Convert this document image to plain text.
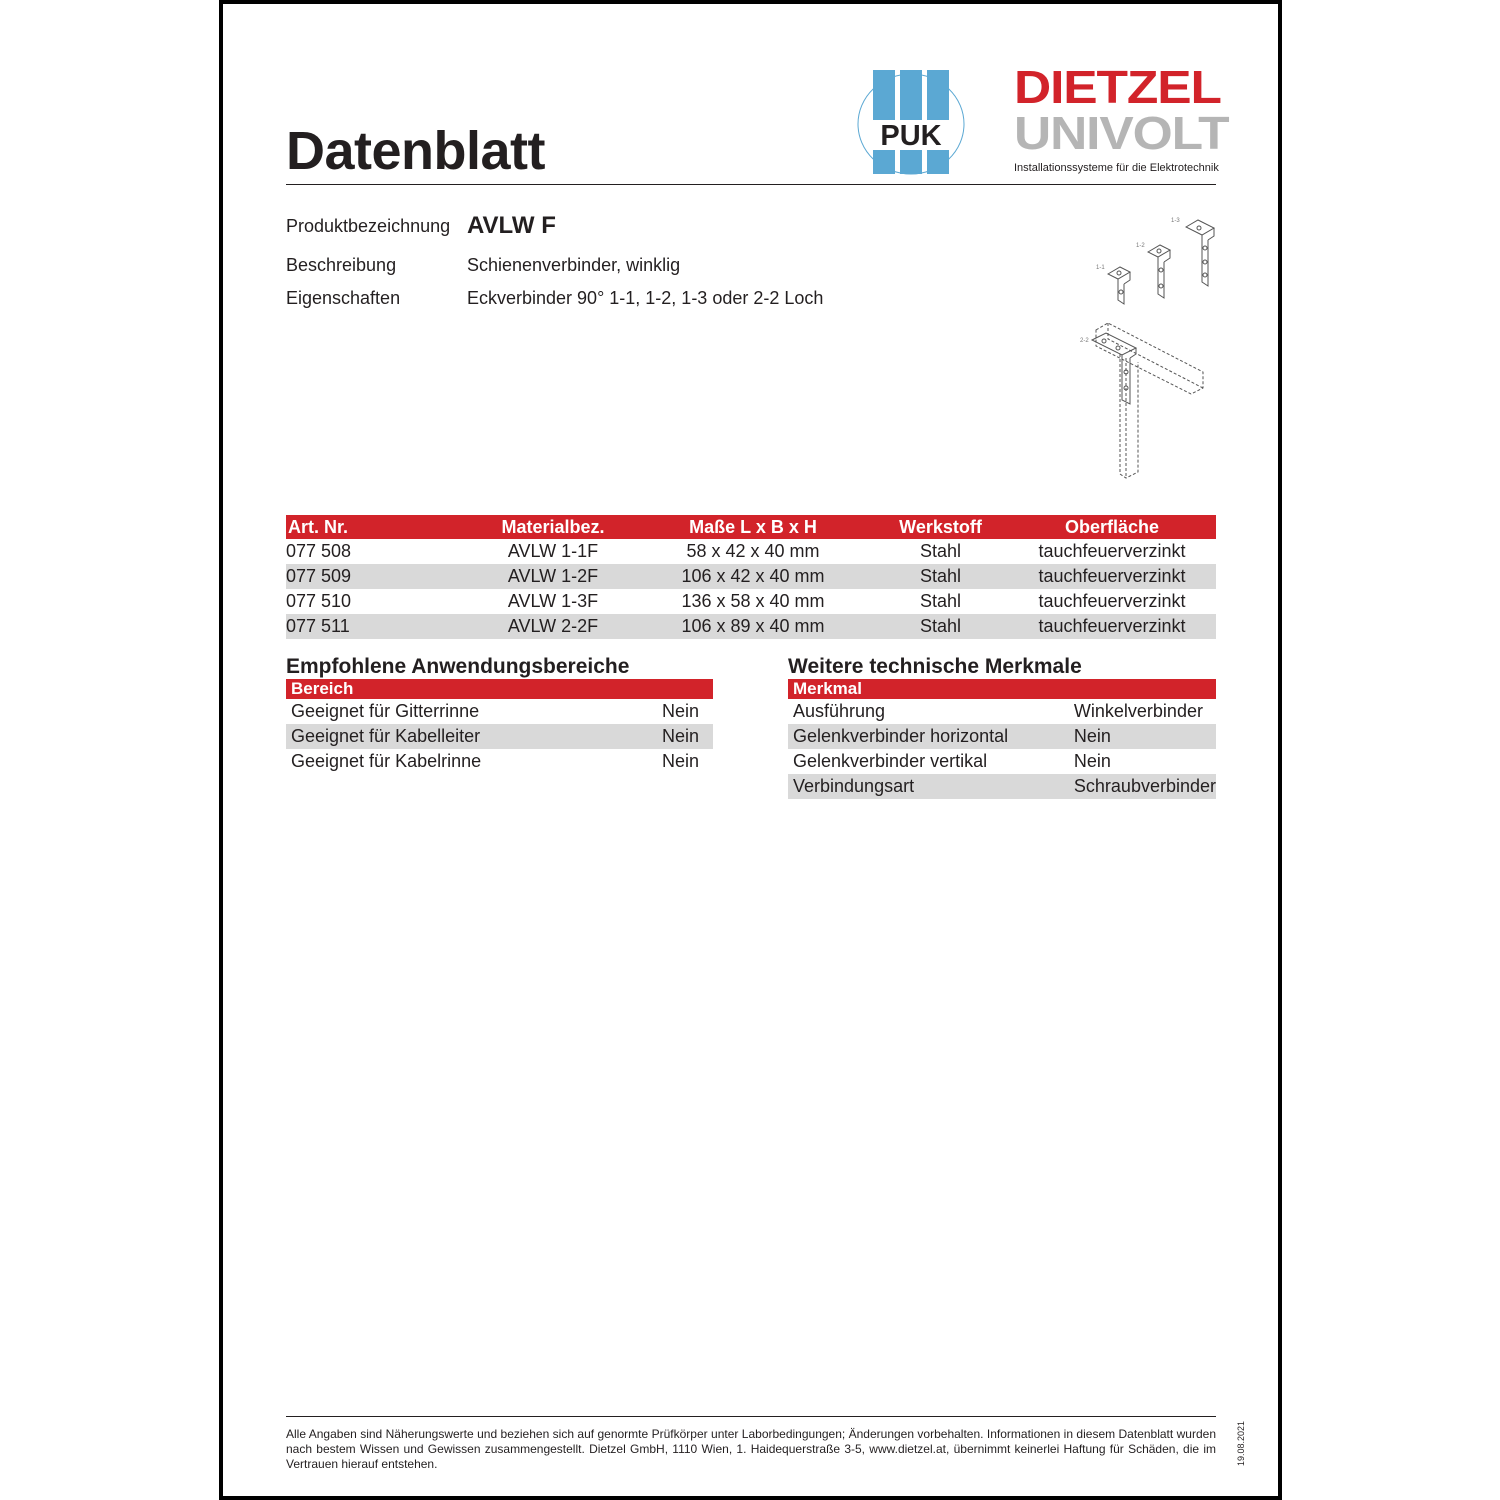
Datenblatt	PUK
DIETZEL
UNIVOLT
Installationssysteme für die Elektrotechnik
Produktbezeichnung AVLW F
Beschreibung	Schienenverbinder, winklig
Eigenschaften	Eckverbinder 90° 1-1, 1-2, 1-3 oder 2-2 Loch
1-1
1-2
1-3
2-2
Art. Nr.	Materialbez.	Maße L x B x H	Werkstoff	Oberfläche
077 508	AVLW 1-1F	58 x 42 x 40 mm	Stahl	tauchfeuerverzinkt
077 509	AVLW 1-2F	106 x 42 x 40 mm	Stahl	tauchfeuerverzinkt
077 510	AVLW 1-3F	136 x 58 x 40 mm	Stahl	tauchfeuerverzinkt
077 511	AVLW 2-2F	106 x 89 x 40 mm	Stahl	tauchfeuerverzinkt
Empfohlene Anwendungsbereiche
Bereich	
Geeignet für Gitterrinne	Nein
Geeignet für Kabelleiter	Nein
Geeignet für Kabelrinne	Nein
Weitere technische Merkmale
Merkmal	
Ausführung	Winkelverbinder
Gelenkverbinder horizontal	Nein
Gelenkverbinder vertikal	Nein
Verbindungsart	Schraubverbinder
Alle Angaben sind Näherungswerte und beziehen sich auf genormte Prüfkörper unter Laborbedingungen; Änderungen vorbehalten. Informationen in diesem Datenblatt wurden nach bestem Wissen und Gewissen zusammengestellt. Dietzel GmbH, 1110 Wien, 1. Haidequerstraße 3-5, www.dietzel.at, übernimmt keinerlei Haftung für Schäden, die im Vertrauen hierauf entstehen.	19.08.2021
